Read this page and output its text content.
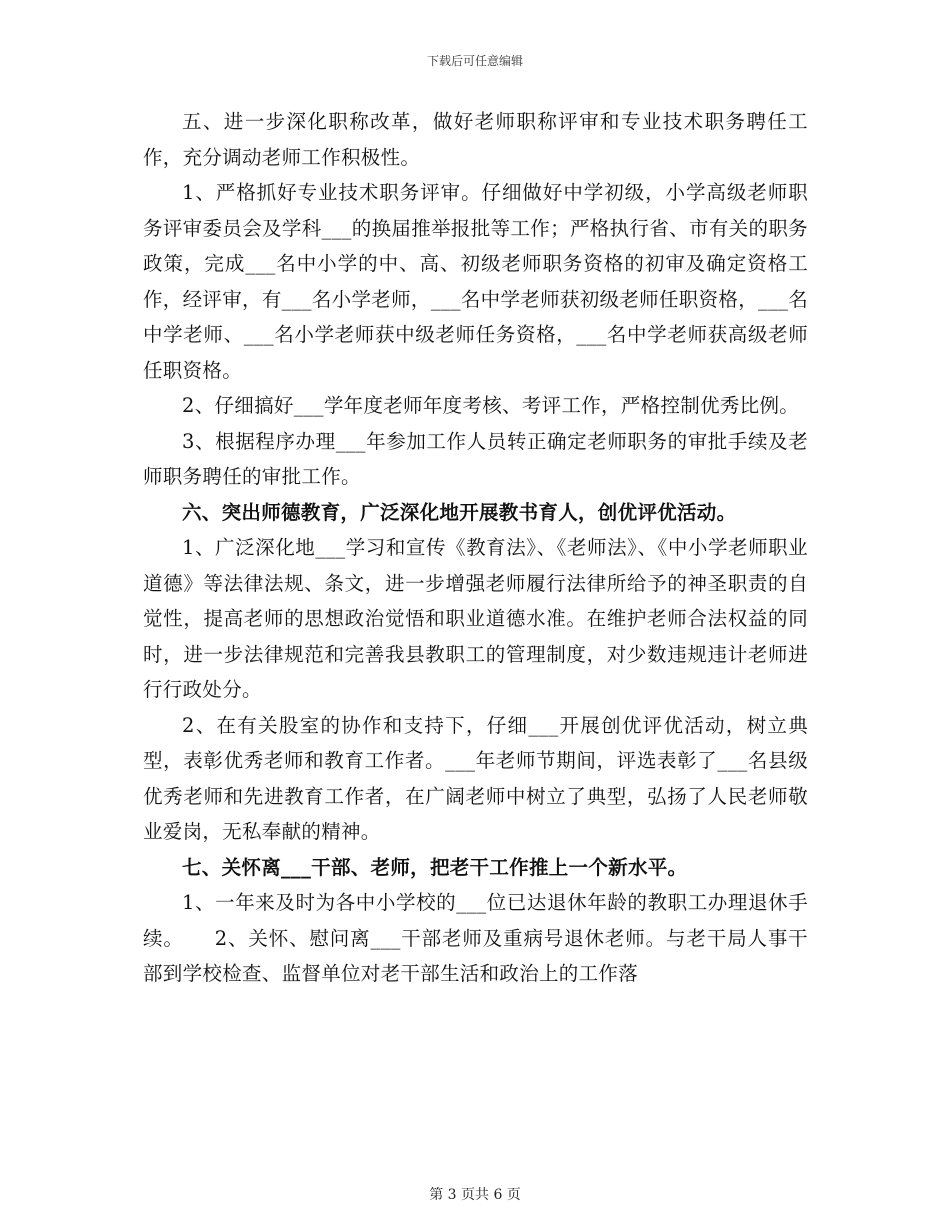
下载后可任意编辑

五、进一步深化职称改革，做好老师职称评审和专业技术职务聘任工作，充分调动老师工作积极性。

1、严格抓好专业技术职务评审。仔细做好中学初级，小学高级老师职务评审委员会及学科___的换届推举报批等工作；严格执行省、市有关的职务政策，完成___名中小学的中、高、初级老师职务资格的初审及确定资格工作，经评审，有___名小学老师，___名中学老师获初级老师任职资格，___名中学老师、___名小学老师获中级老师任务资格，___名中学老师获高级老师任职资格。

2、仔细搞好___学年度老师年度考核、考评工作，严格控制优秀比例。

3、根据程序办理___年参加工作人员转正确定老师职务的审批手续及老师职务聘任的审批工作。

六、突出师德教育，广泛深化地开展教书育人，创优评优活动。

1、广泛深化地___学习和宣传《教育法》、《老师法》、《中小学老师职业道德》等法律法规、条文，进一步增强老师履行法律所给予的神圣职责的自觉性，提高老师的思想政治觉悟和职业道德水准。在维护老师合法权益的同时，进一步法律规范和完善我县教职工的管理制度，对少数违规违计老师进行行政处分。

2、在有关股室的协作和支持下，仔细___开展创优评优活动，树立典型，表彰优秀老师和教育工作者。___年老师节期间，评选表彰了___名县级优秀老师和先进教育工作者，在广阔老师中树立了典型，弘扬了人民老师敬业爱岗，无私奉献的精神。

七、关怀离___干部、老师，把老干工作推上一个新水平。

1、一年来及时为各中小学校的___位已达退休年龄的教职工办理退休手续。　　2、关怀、慰问离___干部老师及重病号退休老师。与老干局人事干部到学校检查、监督单位对老干部生活和政治上的工作落

第 3 页共 6 页
